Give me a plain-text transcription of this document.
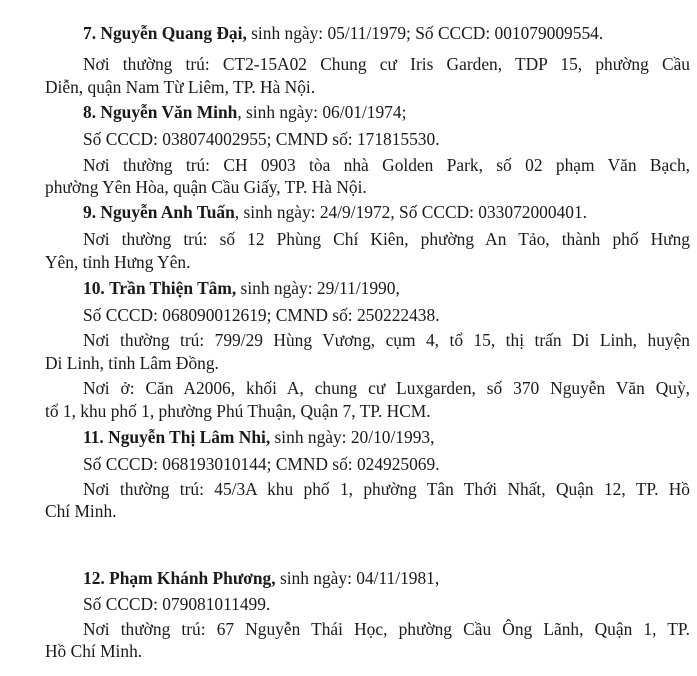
7. Nguyễn Quang Đại, sinh ngày: 05/11/1979; Số CCCD: 001079009554.
Nơi thường trú: CT2-15A02 Chung cư Iris Garden, TDP 15, phường Cầu
Diễn, quận Nam Từ Liêm, TP. Hà Nội.
8. Nguyễn Văn Minh, sinh ngày: 06/01/1974;
Số CCCD: 038074002955; CMND số: 171815530.
Nơi thường trú: CH 0903 tòa nhà Golden Park, số 02 phạm Văn Bạch,
phường Yên Hòa, quận Cầu Giấy, TP. Hà Nội.
9. Nguyễn Anh Tuấn, sinh ngày: 24/9/1972, Số CCCD: 033072000401.
Nơi thường trú: số 12 Phùng Chí Kiên, phường An Tảo, thành phố Hưng
Yên, tỉnh Hưng Yên.
10. Trần Thiện Tâm, sinh ngày: 29/11/1990,
Số CCCD: 068090012619; CMND số: 250222438.
Nơi thường trú: 799/29 Hùng Vương, cụm 4, tổ 15, thị trấn Di Linh, huyện
Di Linh, tỉnh Lâm Đồng.
Nơi ở: Căn A2006, khối A, chung cư Luxgarden, số 370 Nguyễn Văn Quỳ,
tổ 1, khu phố 1, phường Phú Thuận, Quận 7, TP. HCM.
11. Nguyễn Thị Lâm Nhi, sinh ngày: 20/10/1993,
Số CCCD: 068193010144; CMND số: 024925069.
Nơi thường trú: 45/3A khu phố 1, phường Tân Thới Nhất, Quận 12, TP. Hồ
Chí Minh.
12. Phạm Khánh Phương, sinh ngày: 04/11/1981,
Số CCCD: 079081011499.
Nơi thường trú: 67 Nguyễn Thái Học, phường Cầu Ông Lãnh, Quận 1, TP.
Hồ Chí Minh.
